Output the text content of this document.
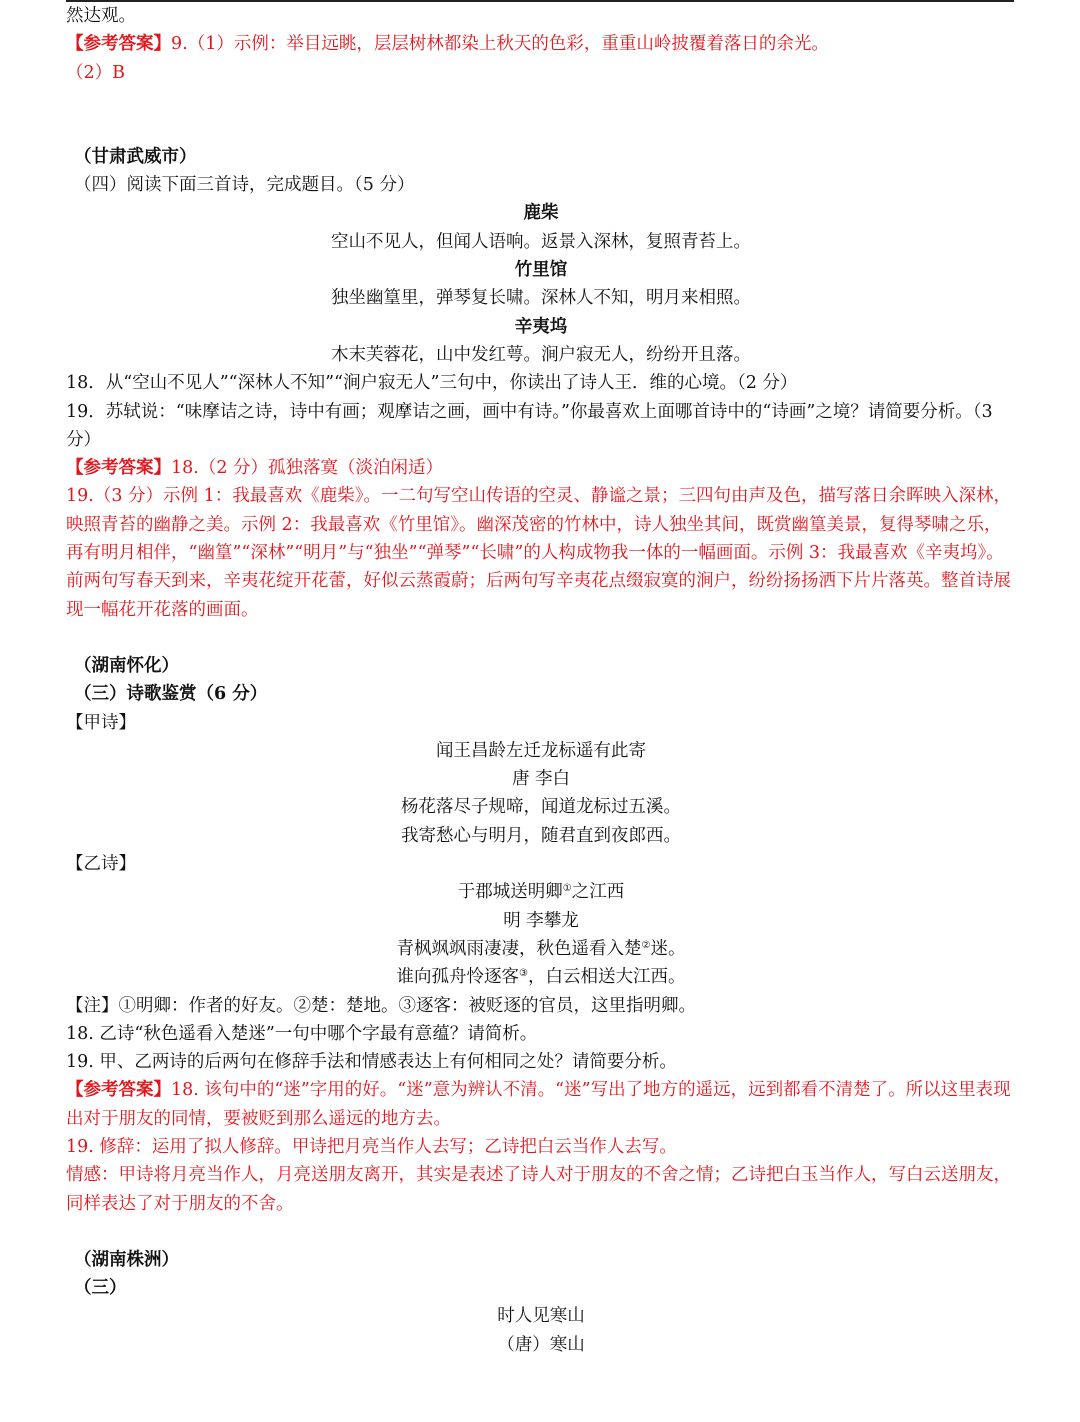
然达观。
【参考答案】9.（1）示例：举目远眺，层层树林都染上秋天的色彩，重重山岭披覆着落日的余光。
（2）B
（甘肃武威市）
（四）阅读下面三首诗，完成题目。（5 分）
鹿柴
空山不见人，但闻人语响。返景入深林，复照青苔上。
竹里馆
独坐幽篁里，弹琴复长啸。深林人不知，明月来相照。
辛夷坞
木末芙蓉花，山中发红萼。涧户寂无人，纷纷开且落。
18．从“空山不见人”“深林人不知”“涧户寂无人”三句中，你读出了诗人王．维的心境。（2 分）
19．苏轼说：“味摩诘之诗，诗中有画；观摩诘之画，画中有诗。”你最喜欢上面哪首诗中的“诗画”之境？请简要分析。（3 分）
【参考答案】18.（2 分）孤独落寞（淡泊闲适）
19.（3 分）示例 1：我最喜欢《鹿柴》。一二句写空山传语的空灵、静谧之景；三四句由声及色，描写落日余晖映入深林，映照青苔的幽静之美。示例 2：我最喜欢《竹里馆》。幽深茂密的竹林中，诗人独坐其间，既赏幽篁美景，复得琴啸之乐，再有明月相伴，“幽篁”“深林”“明月”与“独坐”“弹琴”“长啸”的人构成物我一体的一幅画面。示例 3：我最喜欢《辛夷坞》。前两句写春天到来，辛夷花绽开花蕾，好似云蒸霞蔚；后两句写辛夷花点缀寂寞的涧户，纷纷扬扬洒下片片落英。整首诗展现一幅花开花落的画面。
（湖南怀化）
（三）诗歌鉴赏（6 分）
【甲诗】
闻王昌龄左迁龙标遥有此寄
唐 李白
杨花落尽子规啼，闻道龙标过五溪。
我寄愁心与明月，随君直到夜郎西。
【乙诗】
于郡城送明卿①之江西
明 李攀龙
青枫飒飒雨凄凄，秋色遥看入楚②迷。
谁向孤舟怜逐客③，白云相送大江西。
【注】①明卿：作者的好友。②楚：楚地。③逐客：被贬逐的官员，这里指明卿。
18. 乙诗“秋色遥看入楚迷”一句中哪个字最有意蕴？请简析。
19. 甲、乙两诗的后两句在修辞手法和情感表达上有何相同之处？请简要分析。
【参考答案】18. 该句中的“迷”字用的好。“迷”意为辨认不清。“迷”写出了地方的遥远，远到都看不清楚了。所以这里表现出对于朋友的同情，要被贬到那么遥远的地方去。
19. 修辞：运用了拟人修辞。甲诗把月亮当作人去写；乙诗把白云当作人去写。
情感：甲诗将月亮当作人，月亮送朋友离开，其实是表述了诗人对于朋友的不舍之情；乙诗把白玉当作人，写白云送朋友，同样表达了对于朋友的不舍。
（湖南株洲）
（三）
时人见寒山
（唐）寒山
